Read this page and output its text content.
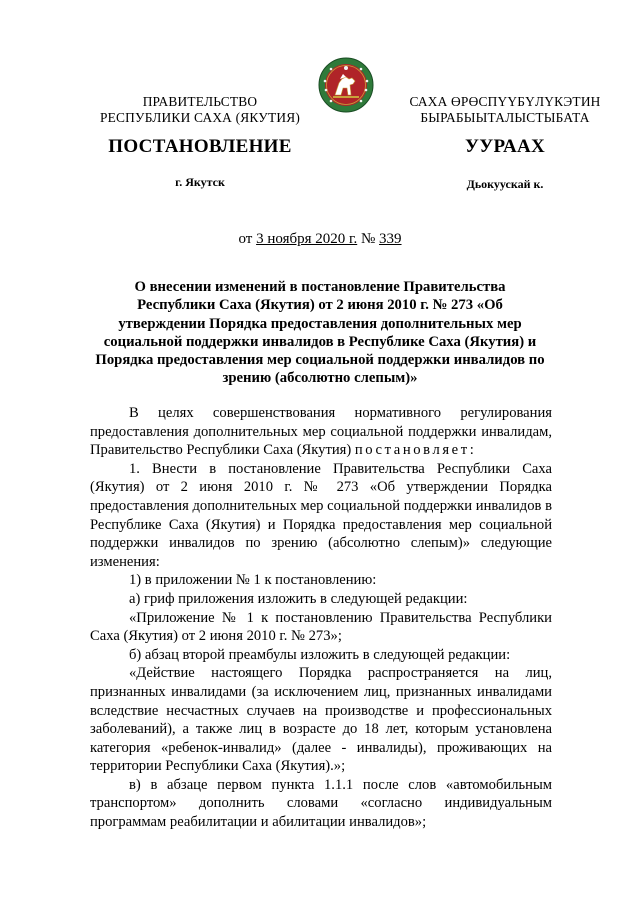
ПРАВИТЕЛЬСТВО
РЕСПУБЛИКИ САХА (ЯКУТИЯ)
САХА ӨРӨСПҮҮБҮЛҮКЭТИН
БЫРАБЫЫТАЛЫСТЫБАТА
ПОСТАНОВЛЕНИЕ	УУРААХ
г. Якутск	Дьокуускай к.
от 3 ноября 2020 г. № 339
О внесении изменений в постановление Правительства Республики Саха (Якутия) от 2 июня 2010 г. № 273 «Об утверждении Порядка предоставления дополнительных мер социальной поддержки инвалидов в Республике Саха (Якутия) и Порядка предоставления мер социальной поддержки инвалидов по зрению (абсолютно слепым)»

В целях совершенствования нормативного регулирования предоставления дополнительных мер социальной поддержки инвалидам, Правительство Республики Саха (Якутия) постановляет:

1. Внести в постановление Правительства Республики Саха (Якутия) от 2 июня 2010 г. № 273 «Об утверждении Порядка предоставления дополнительных мер социальной поддержки инвалидов в Республике Саха (Якутия) и Порядка предоставления мер социальной поддержки инвалидов по зрению (абсолютно слепым)» следующие изменения:

1) в приложении № 1 к постановлению:

а) гриф приложения изложить в следующей редакции:

«Приложение № 1 к постановлению Правительства Республики Саха (Якутия) от 2 июня 2010 г. № 273»;

б) абзац второй преамбулы изложить в следующей редакции:

«Действие настоящего Порядка распространяется на лиц, признанных инвалидами (за исключением лиц, признанных инвалидами вследствие несчастных случаев на производстве и профессиональных заболеваний), а также лиц в возрасте до 18 лет, которым установлена категория «ребенок-инвалид» (далее - инвалиды), проживающих на территории Республики Саха (Якутия).»;

в) в абзаце первом пункта 1.1.1 после слов «автомобильным транспортом» дополнить словами «согласно индивидуальным программам реабилитации и абилитации инвалидов»;
